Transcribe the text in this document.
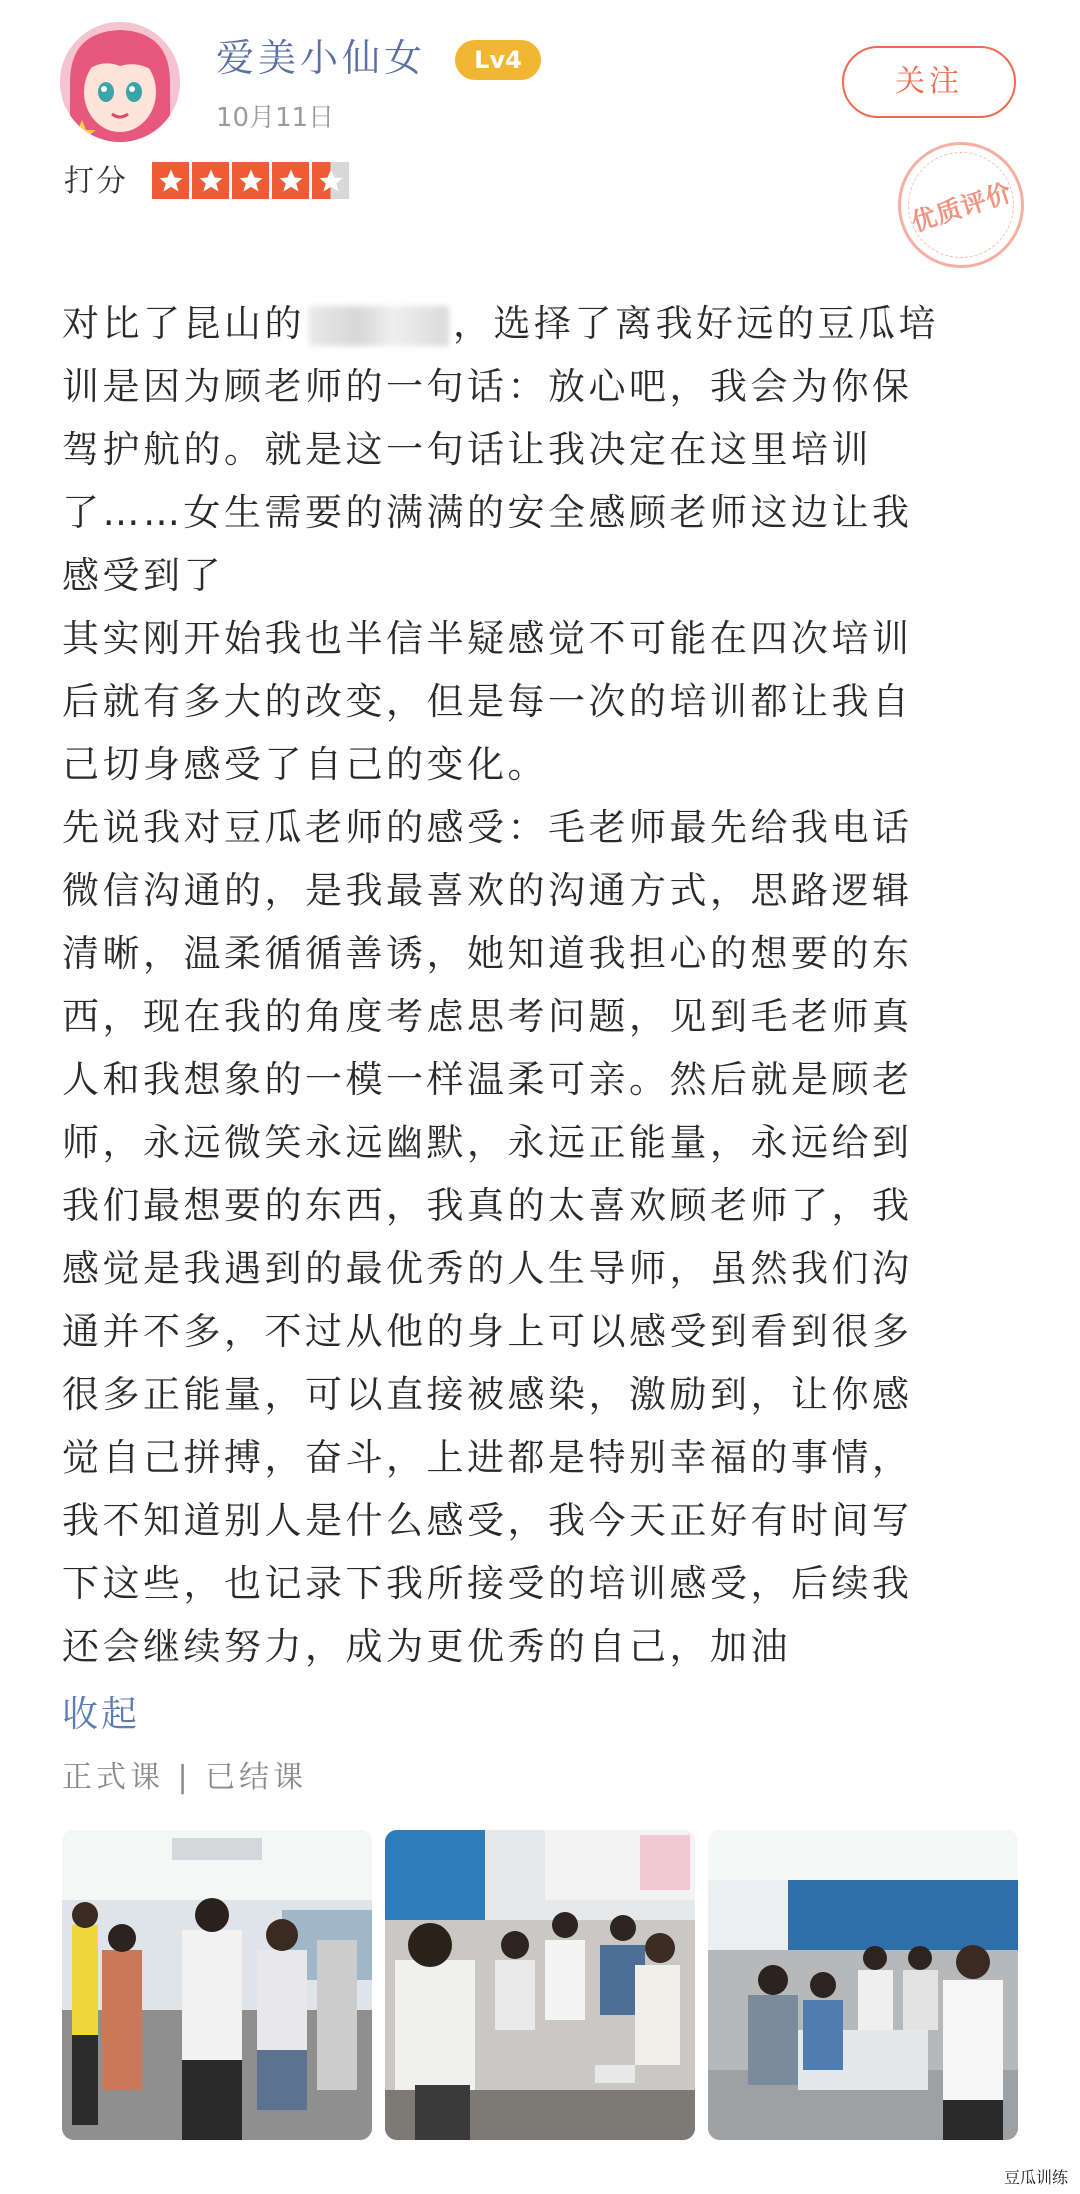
爱美小仙女	Lv4
10月11日
关注
打分	优质评价
对比了昆山的	，选择了离我好远的豆瓜培
训是因为顾老师的一句话：放心吧，我会为你保
驾护航的。就是这一句话让我决定在这里培训
了……女生需要的满满的安全感顾老师这边让我
感受到了
其实刚开始我也半信半疑感觉不可能在四次培训
后就有多大的改变，但是每一次的培训都让我自
己切身感受了自己的变化。
先说我对豆瓜老师的感受：毛老师最先给我电话
微信沟通的，是我最喜欢的沟通方式，思路逻辑
清晰，温柔循循善诱，她知道我担心的想要的东
西，现在我的角度考虑思考问题，见到毛老师真
人和我想象的一模一样温柔可亲。然后就是顾老
师，永远微笑永远幽默，永远正能量，永远给到
我们最想要的东西，我真的太喜欢顾老师了，我
感觉是我遇到的最优秀的人生导师，虽然我们沟
通并不多，不过从他的身上可以感受到看到很多
很多正能量，可以直接被感染，激励到，让你感
觉自己拼搏，奋斗，上进都是特别幸福的事情，
我不知道别人是什么感受，我今天正好有时间写
下这些，也记录下我所接受的培训感受，后续我
还会继续努力，成为更优秀的自己，加油
收起
正式课 | 已结课
豆瓜训练
